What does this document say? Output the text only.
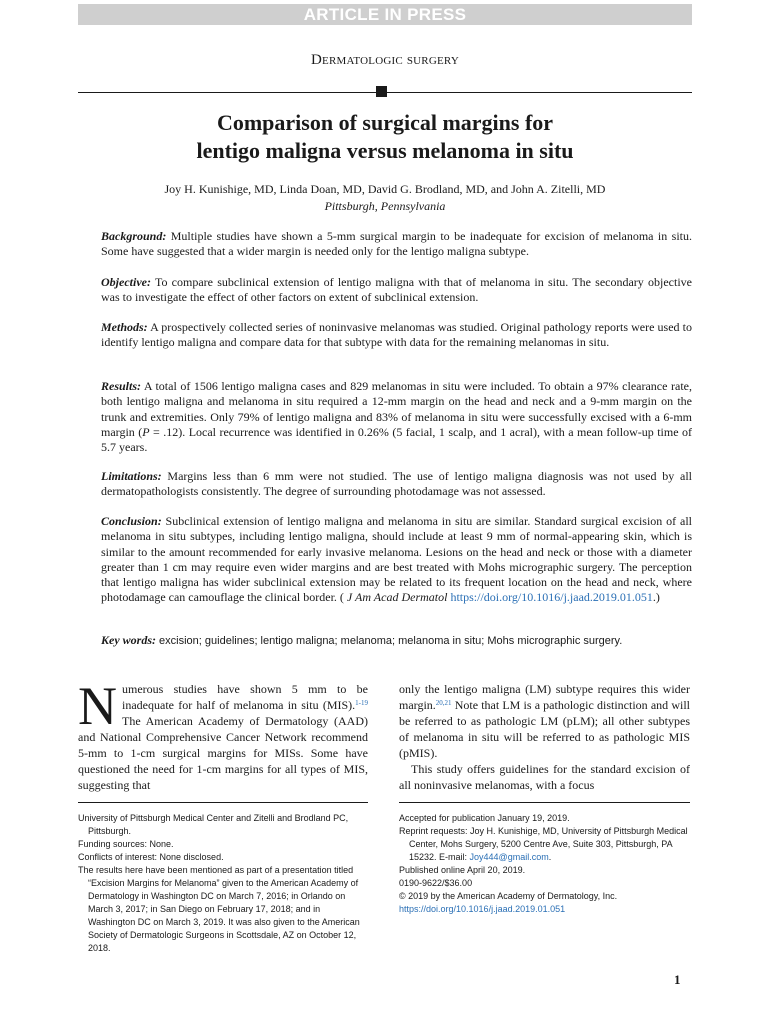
ARTICLE IN PRESS
Dermatologic surgery
Comparison of surgical margins for
lentigo maligna versus melanoma in situ
Joy H. Kunishige, MD, Linda Doan, MD, David G. Brodland, MD, and John A. Zitelli, MD
Pittsburgh, Pennsylvania
Background: Multiple studies have shown a 5-mm surgical margin to be inadequate for excision of melanoma in situ. Some have suggested that a wider margin is needed only for the lentigo maligna subtype.
Objective: To compare subclinical extension of lentigo maligna with that of melanoma in situ. The secondary objective was to investigate the effect of other factors on extent of subclinical extension.
Methods: A prospectively collected series of noninvasive melanomas was studied. Original pathology reports were used to identify lentigo maligna and compare data for that subtype with data for the remaining melanomas in situ.
Results: A total of 1506 lentigo maligna cases and 829 melanomas in situ were included. To obtain a 97% clearance rate, both lentigo maligna and melanoma in situ required a 12-mm margin on the head and neck and a 9-mm margin on the trunk and extremities. Only 79% of lentigo maligna and 83% of melanoma in situ were successfully excised with a 6-mm margin (P = .12). Local recurrence was identified in 0.26% (5 facial, 1 scalp, and 1 acral), with a mean follow-up time of 5.7 years.
Limitations: Margins less than 6 mm were not studied. The use of lentigo maligna diagnosis was not used by all dermatopathologists consistently. The degree of surrounding photodamage was not assessed.
Conclusion: Subclinical extension of lentigo maligna and melanoma in situ are similar. Standard surgical excision of all melanoma in situ subtypes, including lentigo maligna, should include at least 9 mm of normal-appearing skin, which is similar to the amount recommended for early invasive melanoma. Lesions on the head and neck or those with a diameter greater than 1 cm may require even wider margins and are best treated with Mohs micrographic surgery. The perception that lentigo maligna has wider subclinical extension may be related to its frequent location on the head and neck, where photodamage can camouflage the clinical border. ( J Am Acad Dermatol https://doi.org/10.1016/j.jaad.2019.01.051.)
Key words: excision; guidelines; lentigo maligna; melanoma; melanoma in situ; Mohs micrographic surgery.
Numerous studies have shown 5 mm to be inadequate for half of melanoma in situ (MIS).$^{1-19}$ The American Academy of Dermatology (AAD) and National Comprehensive Cancer Network recommend 5-mm to 1-cm surgical margins for MISs. Some have questioned the need for 1-cm margins for all types of MIS, suggesting that
only the lentigo maligna (LM) subtype requires this wider margin.$^{20,21}$ Note that LM is a pathologic distinction and will be referred to as pathologic LM (pLM); all other subtypes of melanoma in situ will be referred to as pathologic MIS (pMIS).
This study offers guidelines for the standard excision of all noninvasive melanomas, with a focus
University of Pittsburgh Medical Center and Zitelli and Brodland PC, Pittsburgh.
Funding sources: None.
Conflicts of interest: None disclosed.
The results here have been mentioned as part of a presentation titled “Excision Margins for Melanoma” given to the American Academy of Dermatology in Washington DC on March 7, 2016; in Orlando on March 3, 2017; in San Diego on February 17, 2018; and in Washington DC on March 3, 2019. It was also given to the American Society of Dermatologic Surgeons in Scottsdale, AZ on October 12, 2018.
Accepted for publication January 19, 2019.
Reprint requests: Joy H. Kunishige, MD, University of Pittsburgh Medical Center, Mohs Surgery, 5200 Centre Ave, Suite 303, Pittsburgh, PA 15232. E-mail: Joy444@gmail.com.
Published online April 20, 2019.
0190-9622/$36.00
© 2019 by the American Academy of Dermatology, Inc.
https://doi.org/10.1016/j.jaad.2019.01.051
1
